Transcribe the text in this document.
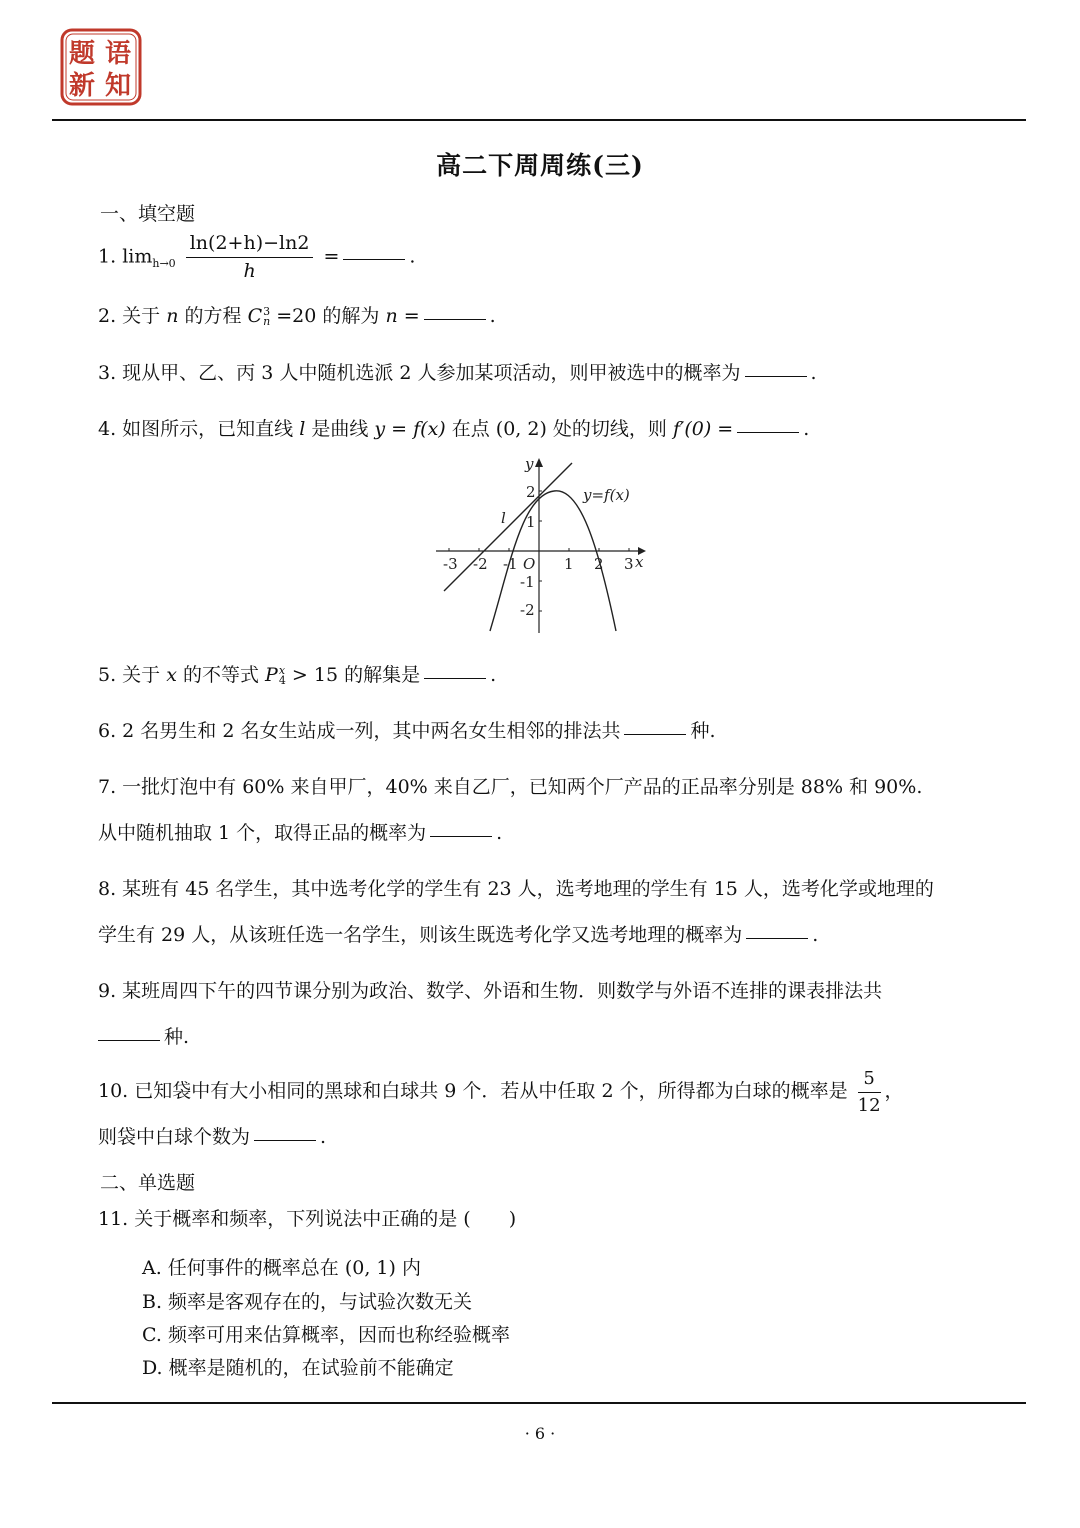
题 语
新 知
高二下周周练(三)
一、填空题
1. $\lim_{h\to 0} \frac{\ln(2+h)-\ln 2}{h}$ =	.
2. 关于 n 的方程 C3
n =20 的解为 n =	.
3. 现从甲、乙、丙 3 人中随机选派 2 人参加某项活动，则甲被选中的概率为	.
4. 如图所示，已知直线 l 是曲线 y = f(x) 在点 (0, 2) 处的切线，则 f′(0) =	.
-3 -2 -1 O 1 2 3 x
2
1
-1
-2
y
y=f(x)
l
5. 关于 x 的不等式 Px
4 > 15 的解集是	.
6. 2 名男生和 2 名女生站成一列，其中两名女生相邻的排法共	种.
7. 一批灯泡中有 60% 来自甲厂，40% 来自乙厂，已知两个厂产品的正品率分别是 88% 和 90%.
从中随机抽取 1 个，取得正品的概率为	.
8. 某班有 45 名学生，其中选考化学的学生有 23 人，选考地理的学生有 15 人，选考化学或地理的
学生有 29 人，从该班任选一名学生，则该生既选考化学又选考地理的概率为	.
9. 某班周四下午的四节课分别为政治、数学、外语和生物．则数学与外语不连排的课表排法共
种.
10. 已知袋中有大小相同的黑球和白球共 9 个．若从中任取 2 个，所得都为白球的概率是 $\frac{5}{12}$ ，
则袋中白球个数为	.
二、单选题
11. 关于概率和频率，下列说法中正确的是 (　　)
A. 任何事件的概率总在 (0, 1) 内
B. 频率是客观存在的，与试验次数无关
C. 频率可用来估算概率，因而也称经验概率
D. 概率是随机的，在试验前不能确定
· 6 ·
